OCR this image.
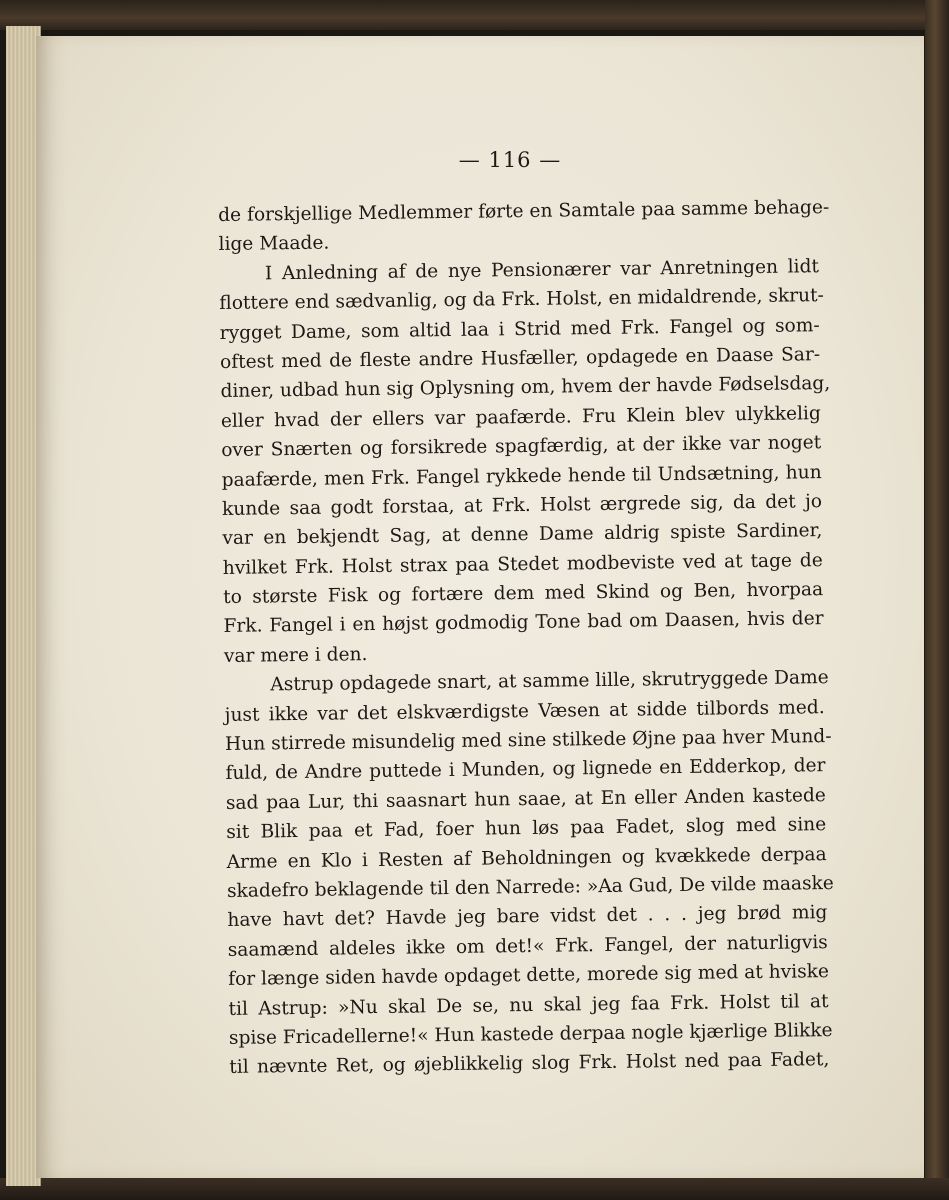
— 116 —
de forskjellige Medlemmer førte en Samtale paa samme behage-
lige Maade.
I Anledning af de nye Pensionærer var Anretningen lidt
flottere end sædvanlig, og da Frk. Holst, en midaldrende, skrut-
rygget Dame, som altid laa i Strid med Frk. Fangel og som-
oftest med de fleste andre Husfæller, opdagede en Daase Sar-
diner, udbad hun sig Oplysning om, hvem der havde Fødselsdag,
eller hvad der ellers var paafærde. Fru Klein blev ulykkelig
over Snærten og forsikrede spagfærdig, at der ikke var noget
paafærde, men Frk. Fangel rykkede hende til Undsætning, hun
kunde saa godt forstaa, at Frk. Holst ærgrede sig, da det jo
var en bekjendt Sag, at denne Dame aldrig spiste Sardiner,
hvilket Frk. Holst strax paa Stedet modbeviste ved at tage de
to største Fisk og fortære dem med Skind og Ben, hvorpaa
Frk. Fangel i en højst godmodig Tone bad om Daasen, hvis der
var mere i den.
Astrup opdagede snart, at samme lille, skrutryggede Dame
just ikke var det elskværdigste Væsen at sidde tilbords med.
Hun stirrede misundelig med sine stilkede Øjne paa hver Mund-
fuld, de Andre puttede i Munden, og lignede en Edderkop, der
sad paa Lur, thi saasnart hun saae, at En eller Anden kastede
sit Blik paa et Fad, foer hun løs paa Fadet, slog med sine
Arme en Klo i Resten af Beholdningen og kvækkede derpaa
skadefro beklagende til den Narrede: »Aa Gud, De vilde maaske
have havt det? Havde jeg bare vidst det . . . jeg brød mig
saamænd aldeles ikke om det!« Frk. Fangel, der naturligvis
for længe siden havde opdaget dette, morede sig med at hviske
til Astrup: »Nu skal De se, nu skal jeg faa Frk. Holst til at
spise Fricadellerne!« Hun kastede derpaa nogle kjærlige Blikke
til nævnte Ret, og øjeblikkelig slog Frk. Holst ned paa Fadet,
